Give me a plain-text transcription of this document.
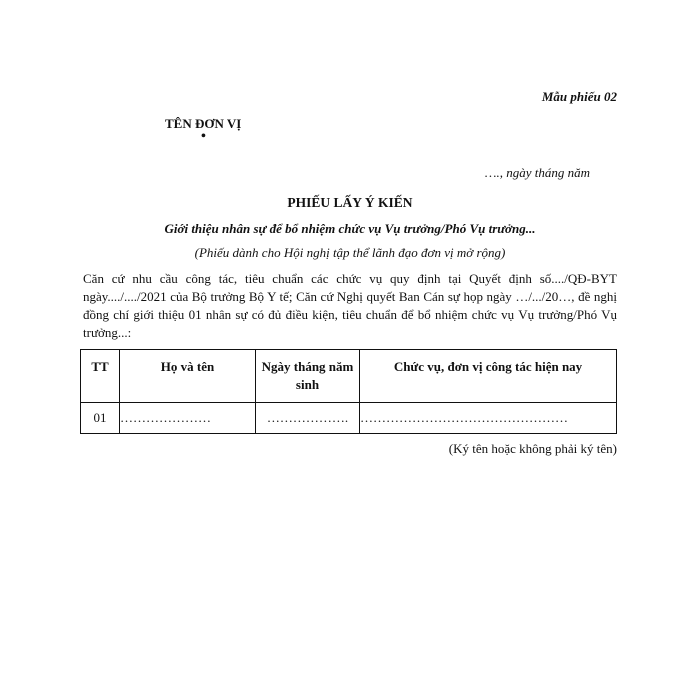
Mẫu phiếu 02
TÊN ĐƠN VỊ
•
…., ngày tháng năm
PHIẾU LẤY Ý KIẾN
Giới thiệu nhân sự để bổ nhiệm chức vụ Vụ trưởng/Phó Vụ trưởng...
(Phiếu dành cho Hội nghị tập thể lãnh đạo đơn vị mở rộng)
Căn cứ nhu cầu công tác, tiêu chuẩn các chức vụ quy định tại Quyết định số..../QĐ-BYT ngày..../..../2021 của Bộ trưởng Bộ Y tế; Căn cứ Nghị quyết Ban Cán sự họp ngày …/.../20…, đề nghị đồng chí giới thiệu 01 nhân sự có đủ điều kiện, tiêu chuẩn để bổ nhiệm chức vụ Vụ trưởng/Phó Vụ trưởng...:
TT	Họ và tên	Ngày tháng năm sinh	Chức vụ, đơn vị công tác hiện nay
01	…………………	……………….	…………………………………………
(Ký tên hoặc không phải ký tên)
